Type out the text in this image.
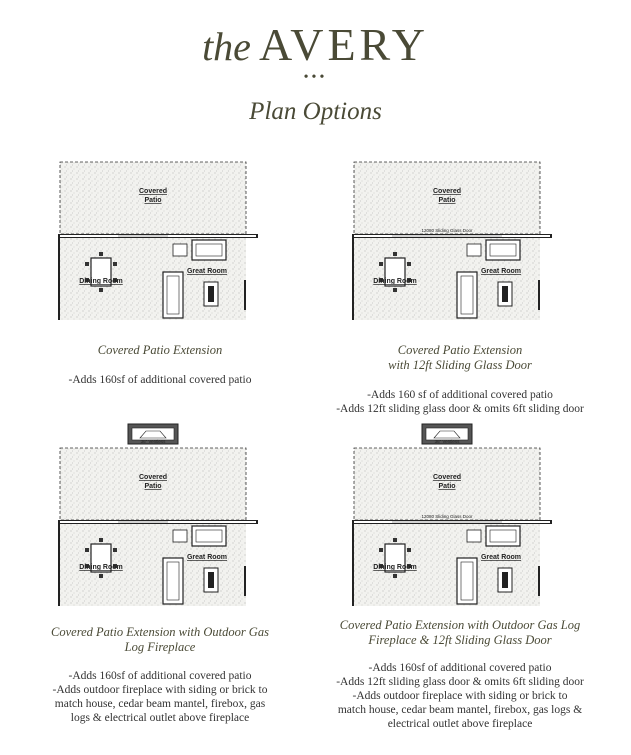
the AVERY
•••
Plan Options
Covered
Patio
Dining Room
Great Room
Covered
Patio
12080 Sliding Glass Door
Dining Room
Great Room
36" Ventless
Covered
Patio
Dining Room
Great Room
36" Ventless
Covered
Patio
12080 Sliding Glass Door
Dining Room
Great Room
Covered Patio Extension
-Adds 160sf of additional covered patio
Covered Patio Extension
with 12ft Sliding Glass Door
-Adds 160 sf of additional covered patio
-Adds 12ft sliding glass door & omits 6ft sliding door
Covered Patio Extension with Outdoor Gas
Log Fireplace
-Adds 160sf of additional covered patio
-Adds outdoor fireplace with siding or brick to
match house, cedar beam mantel, firebox, gas
logs & electrical outlet above fireplace
Covered Patio Extension with Outdoor Gas Log
Fireplace & 12ft Sliding Glass Door
-Adds 160sf of additional covered patio
-Adds 12ft sliding glass door & omits 6ft sliding door
-Adds outdoor fireplace with siding or brick to
match house, cedar beam mantel, firebox, gas logs &
electrical outlet above fireplace
